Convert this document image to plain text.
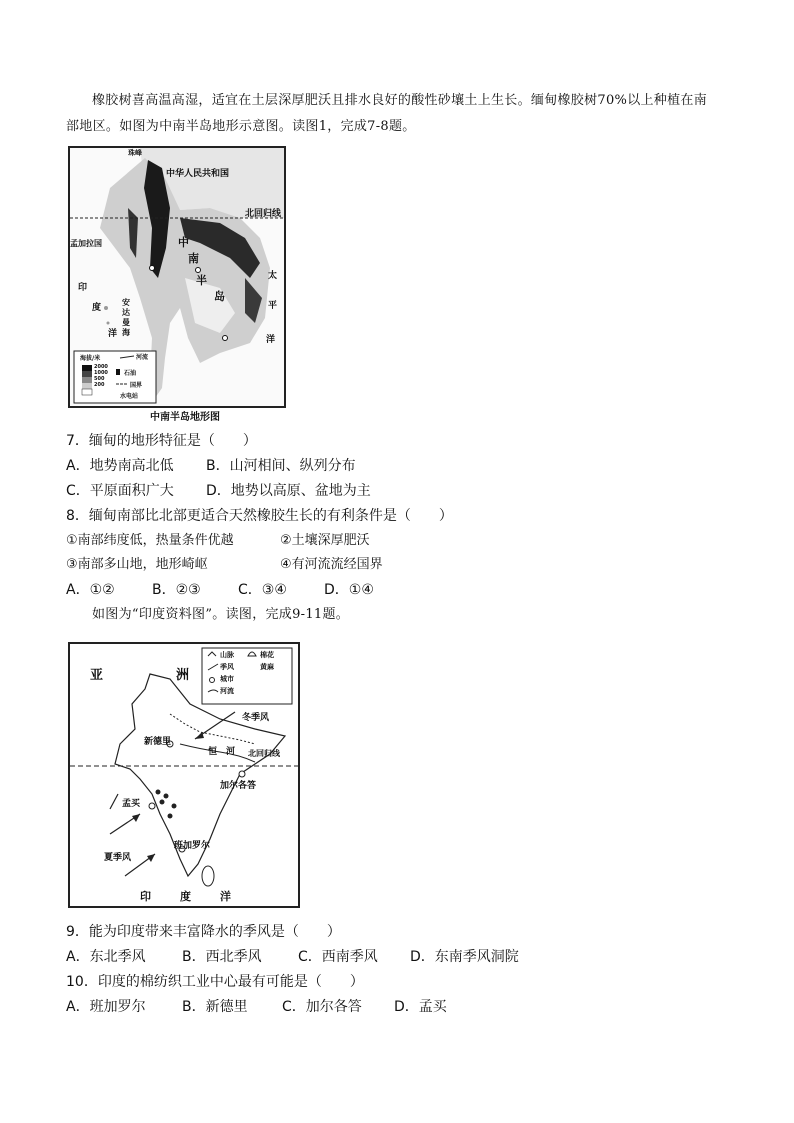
橡胶树喜高温高湿，适宜在土层深厚肥沃且排水良好的酸性砂壤土上生长。缅甸橡胶树70%以上种植在南
部地区。如图为中南半岛地形示意图。读图1，完成7-8题。
中华人民共和国
北回归线
孟加拉国
珠峰
印
度
洋
安达曼海
中
南
半
岛
太
平
洋
海拔/米	河流
2000
1000
500
200
石油
国界
水电站
中南半岛地形图
7．缅甸的地形特征是（　　）
A．地势南高北低 B．山河相间、纵列分布
C．平原面积广大 D．地势以高原、盆地为主
8．缅甸南部比北部更适合天然橡胶生长的有利条件是（　　）
①南部纬度低，热量条件优越	②土壤深厚肥沃
③南部多山地，地形崎岖	④有河流流经国界
A．①②	B．②③	C．③④	D．①④
如图为“印度资料图”。读图，完成9-11题。
亚	洲
山脉	棉花
季风	黄麻
城市
河流
冬季风
新德里
恒　河 北回归线
加尔各答
孟买
班加罗尔
夏季风
印	度	洋
9．能为印度带来丰富降水的季风是（　　）
A．东北季风	B．西北季风	C．西南季风 D．东南季风洞院
10．印度的棉纺织工业中心最有可能是（　　）
A．班加罗尔	B．新德里 C．加尔各答 D．孟买
